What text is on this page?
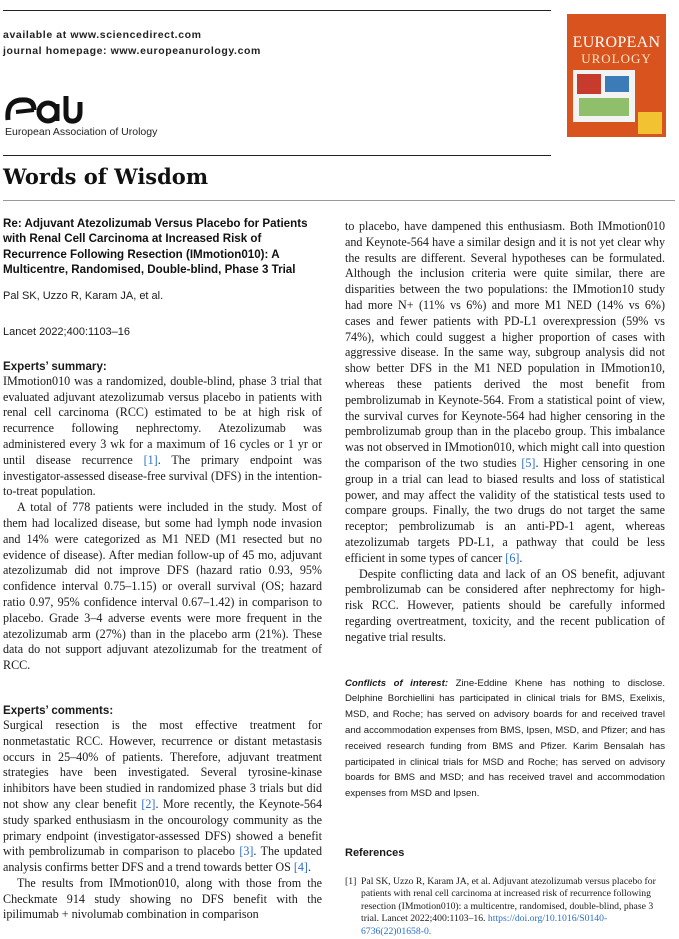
available at www.sciencedirect.com
journal homepage: www.europeanurology.com
European Association of Urology
EUROPEAN
UROLOGY
Words of Wisdom

Re: Adjuvant Atezolizumab Versus Placebo for Patients with Renal Cell Carcinoma at Increased Risk of Recurrence Following Resection (IMmotion010): A Multicentre, Randomised, Double-blind, Phase 3 Trial

Pal SK, Uzzo R, Karam JA, et al.

Lancet 2022;400:1103–16

Experts’ summary:

IMmotion010 was a randomized, double-blind, phase 3 trial that evaluated adjuvant atezolizumab versus placebo in patients with renal cell carcinoma (RCC) estimated to be at high risk of recurrence following nephrectomy. Atezolizumab was administered every 3 wk for a maximum of 16 cycles or 1 yr or until disease recurrence [1]. The primary endpoint was investigator-assessed disease-free survival (DFS) in the intention-to-treat population.

A total of 778 patients were included in the study. Most of them had localized disease, but some had lymph node invasion and 14% were categorized as M1 NED (M1 resected but no evidence of disease). After median follow-up of 45 mo, adjuvant atezolizumab did not improve DFS (hazard ratio 0.93, 95% confidence interval 0.75–1.15) or overall survival (OS; hazard ratio 0.97, 95% confidence interval 0.67–1.42) in comparison to placebo. Grade 3–4 adverse events were more frequent in the atezolizumab arm (27%) than in the placebo arm (21%). These data do not support adjuvant atezolizumab for the treatment of RCC.

Experts’ comments:

Surgical resection is the most effective treatment for nonmetastatic RCC. However, recurrence or distant metastasis occurs in 25–40% of patients. Therefore, adjuvant treatment strategies have been investigated. Several tyrosine-kinase inhibitors have been studied in randomized phase 3 trials but did not show any clear benefit [2]. More recently, the Keynote-564 study sparked enthusiasm in the oncourology community as the primary endpoint (investigator-assessed DFS) showed a benefit with pembrolizumab in comparison to placebo [3]. The updated analysis confirms better DFS and a trend towards better OS [4].

The results from IMmotion010, along with those from the Checkmate 914 study showing no DFS benefit with the ipilimumab + nivolumab combination in comparison

to placebo, have dampened this enthusiasm. Both IMmotion010 and Keynote-564 have a similar design and it is not yet clear why the results are different. Several hypotheses can be formulated. Although the inclusion criteria were quite similar, there are disparities between the two populations: the IMmotion10 study had more N+ (11% vs 6%) and more M1 NED (14% vs 6%) cases and fewer patients with PD-L1 overexpression (59% vs 74%), which could suggest a higher proportion of cases with aggressive disease. In the same way, subgroup analysis did not show better DFS in the M1 NED population in IMmotion10, whereas these patients derived the most benefit from pembrolizumab in Keynote-564. From a statistical point of view, the survival curves for Keynote-564 had higher censoring in the pembrolizumab group than in the placebo group. This imbalance was not observed in IMmotion010, which might call into question the comparison of the two studies [5]. Higher censoring in one group in a trial can lead to biased results and loss of statistical power, and may affect the validity of the statistical tests used to compare groups. Finally, the two drugs do not target the same receptor; pembrolizumab is an anti-PD-1 agent, whereas atezolizumab targets PD-L1, a pathway that could be less efficient in some types of cancer [6].

Despite conflicting data and lack of an OS benefit, adjuvant pembrolizumab can be considered after nephrectomy for high-risk RCC. However, patients should be carefully informed regarding overtreatment, toxicity, and the recent publication of negative trial results.

Conflicts of interest: Zine-Eddine Khene has nothing to disclose. Delphine Borchiellini has participated in clinical trials for BMS, Exelixis, MSD, and Roche; has served on advisory boards for and received travel and accommodation expenses from BMS, Ipsen, MSD, and Pfizer; and has received research funding from BMS and Pfizer. Karim Bensalah has participated in clinical trials for MSD and Roche; has served on advisory boards for BMS and MSD; and has received travel and accommodation expenses from MSD and Ipsen.
References
[1] Pal SK, Uzzo R, Karam JA, et al. Adjuvant atezolizumab versus placebo for patients with renal cell carcinoma at increased risk of recurrence following resection (IMmotion010): a multicentre, randomised, double-blind, phase 3 trial. Lancet 2022;400:1103–16. https://doi.org/10.1016/S0140-6736(22)01658-0.
